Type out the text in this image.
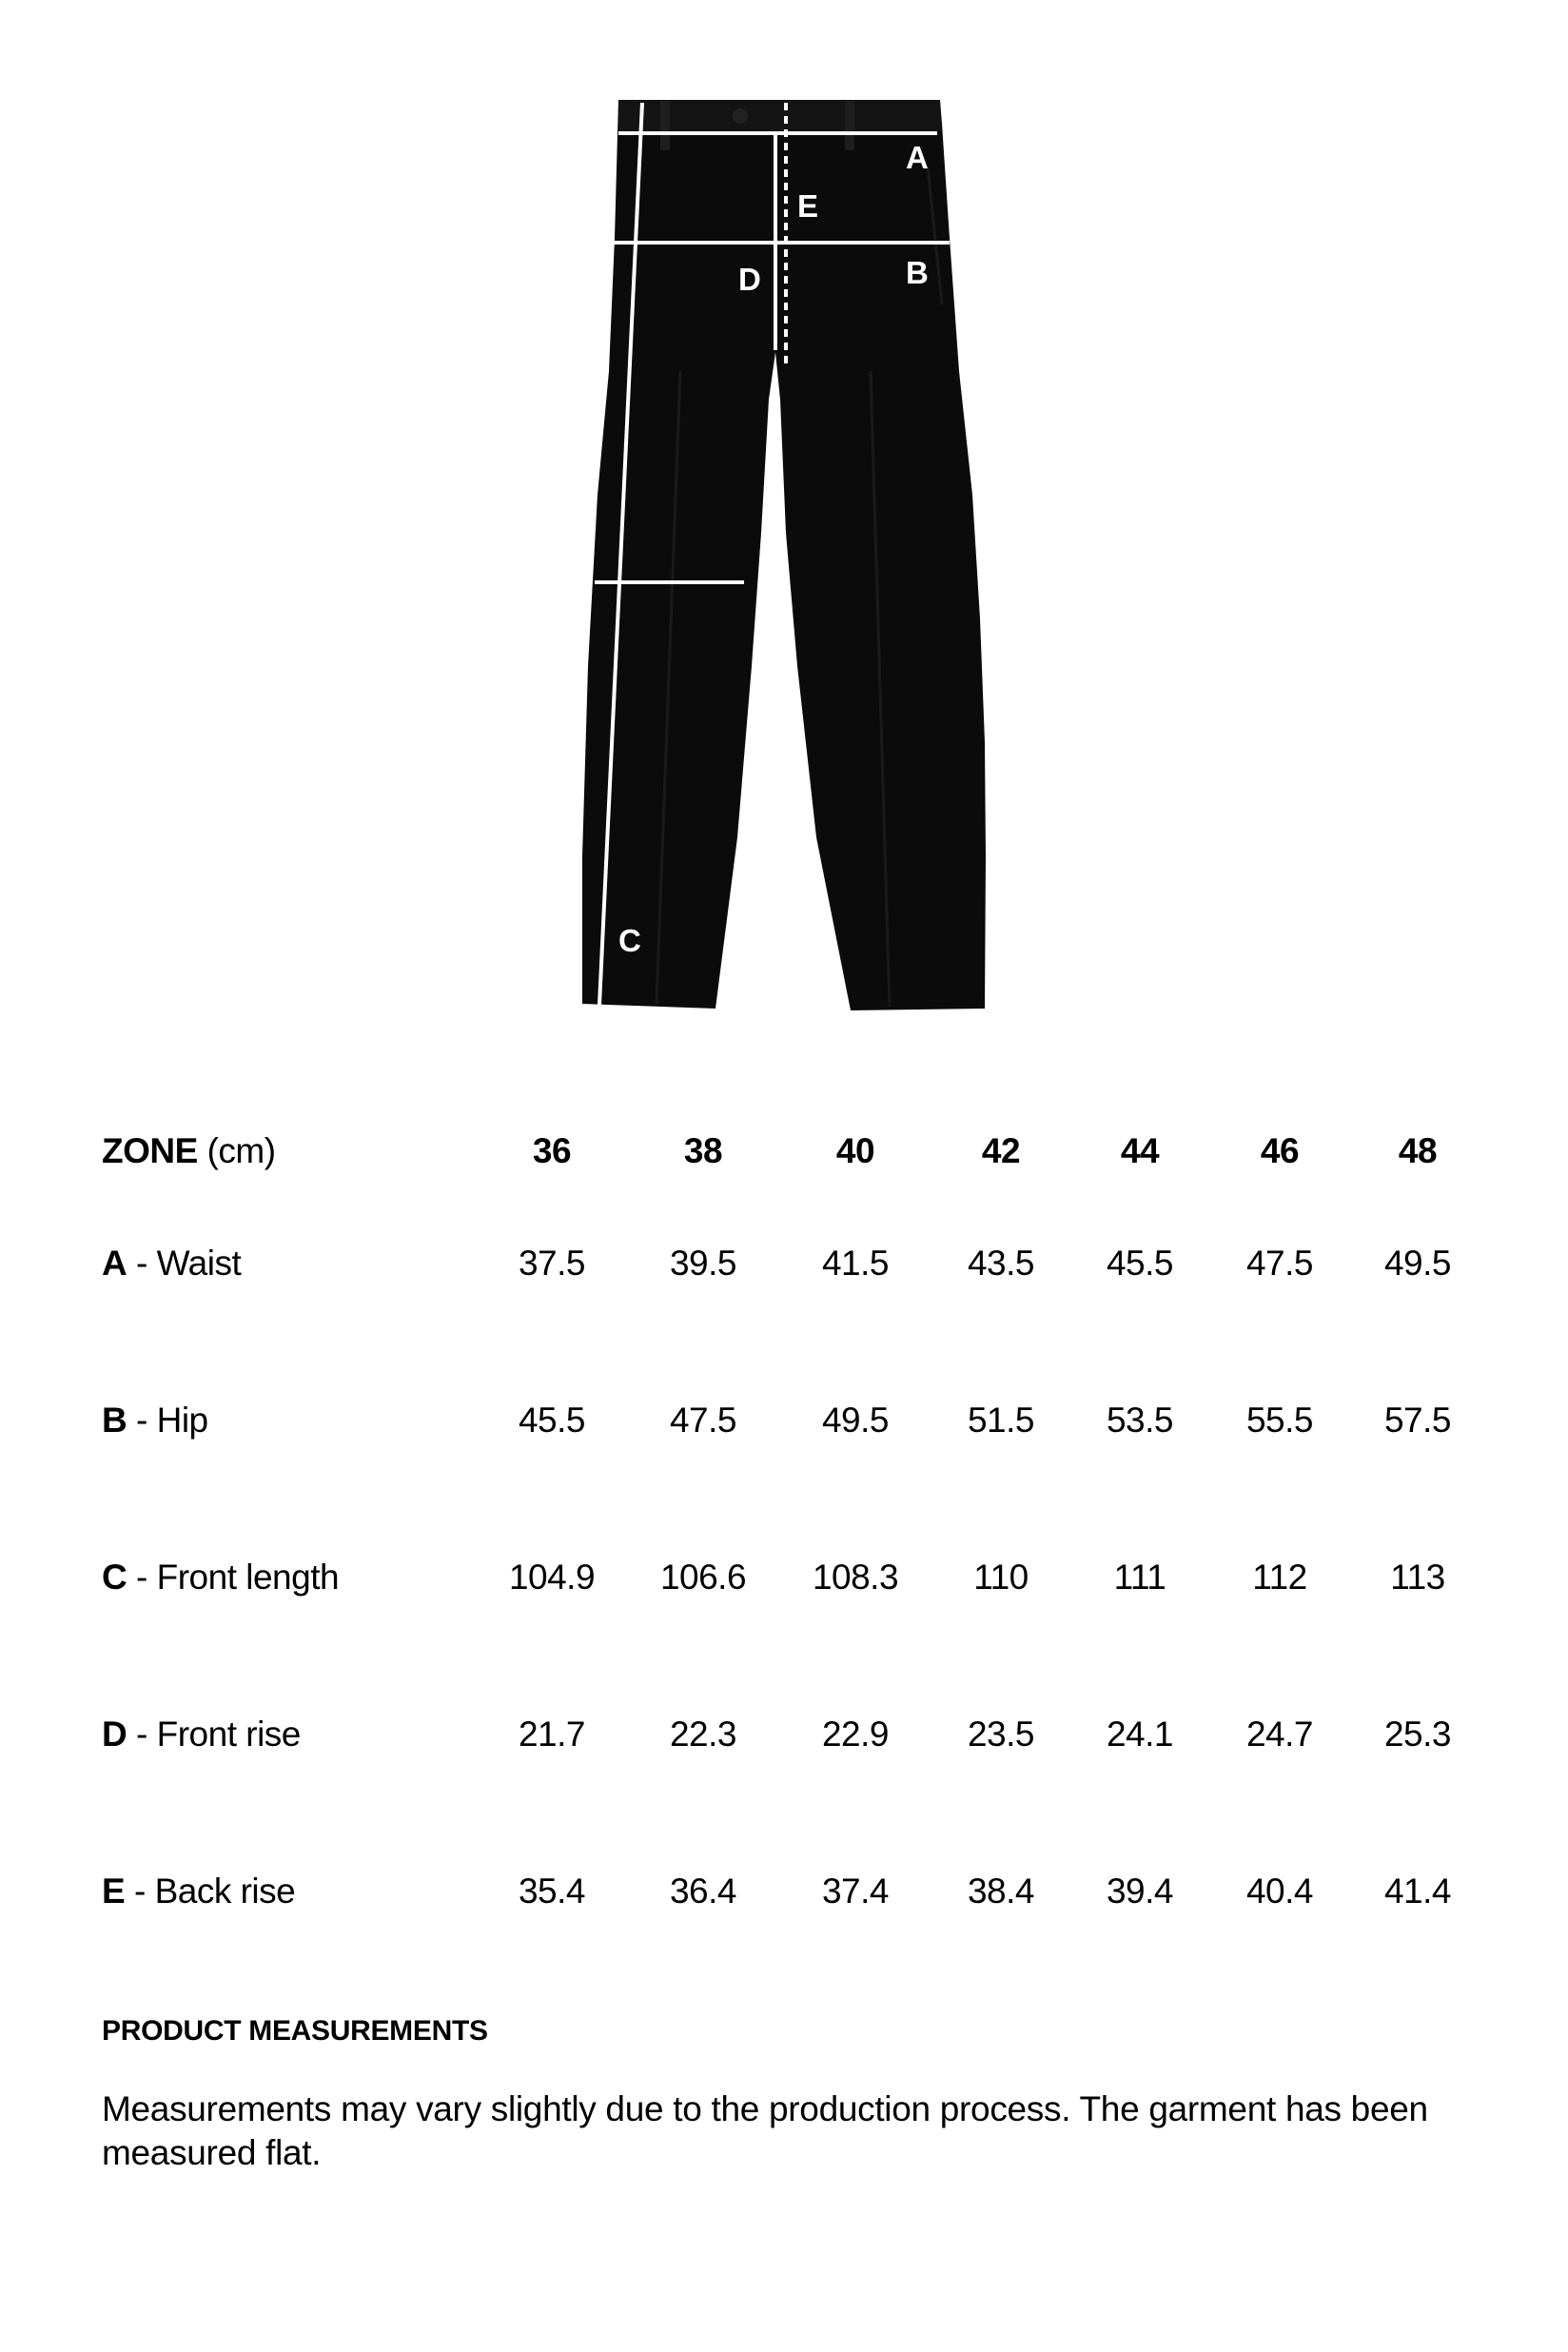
A
B
C
D
E
ZONE (cm)	36	38	40	42	44	46	48
A - Waist	37.5	39.5	41.5	43.5	45.5	47.5	49.5
B - Hip	45.5	47.5	49.5	51.5	53.5	55.5	57.5
C - Front length	104.9	106.6	108.3	110	111	112	113
D - Front rise	21.7	22.3	22.9	23.5	24.1	24.7	25.3
E - Back rise	35.4	36.4	37.4	38.4	39.4	40.4	41.4

PRODUCT MEASUREMENTS

Measurements may vary slightly due to the production process. The garment has been measured flat.
